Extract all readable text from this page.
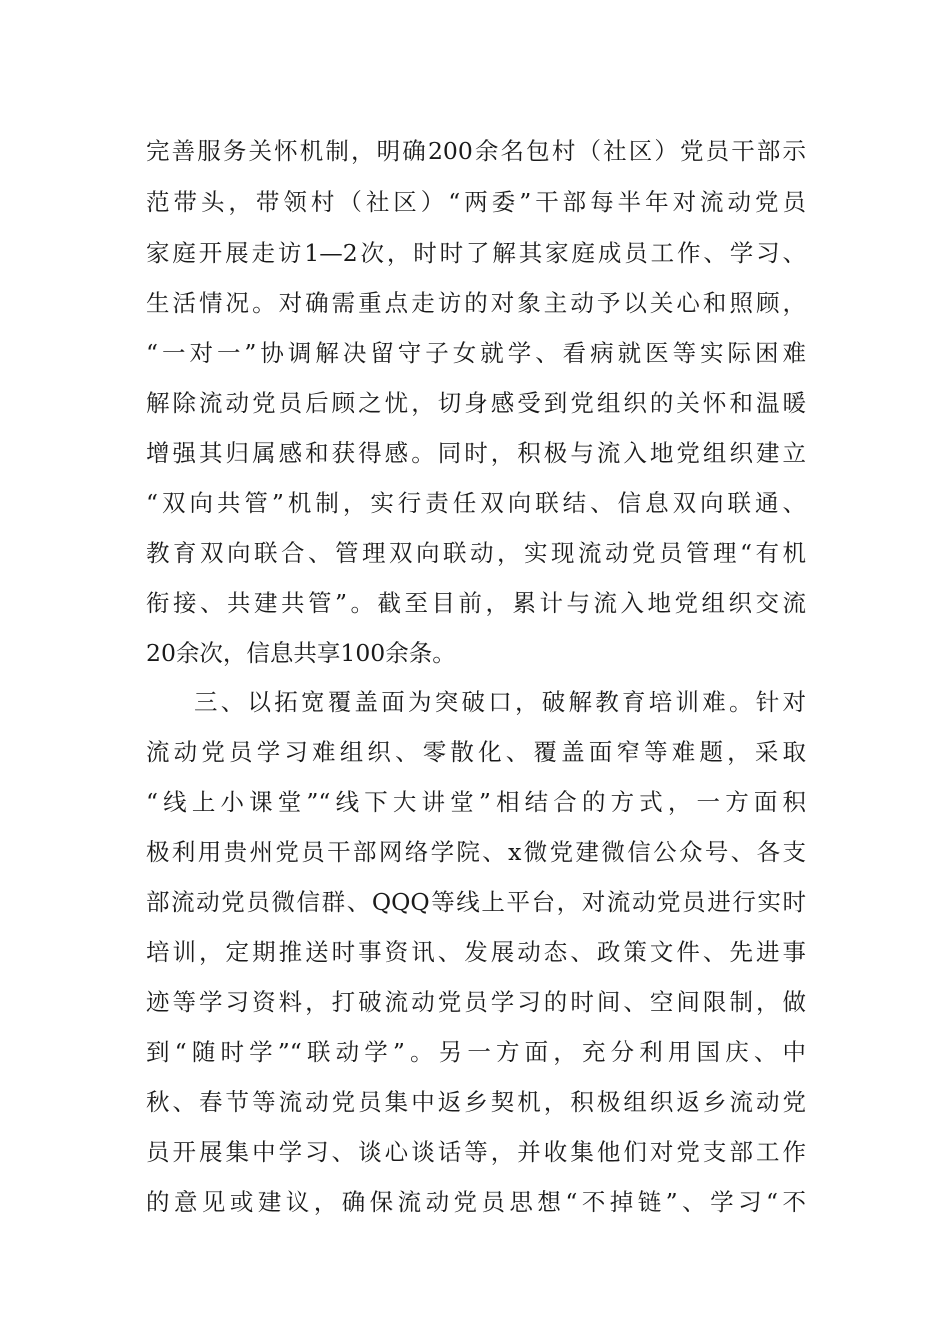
完善服务关怀机制，明确200余名包村（社区）党员干部示
范带头，带领村（社区）“两委”干部每半年对流动党员
家庭开展走访1—2次，时时了解其家庭成员工作、学习、
生活情况。对确需重点走访的对象主动予以关心和照顾，
“一对一”协调解决留守子女就学、看病就医等实际困难
解除流动党员后顾之忧，切身感受到党组织的关怀和温暖
增强其归属感和获得感。同时，积极与流入地党组织建立
“双向共管”机制，实行责任双向联结、信息双向联通、
教育双向联合、管理双向联动，实现流动党员管理“有机
衔接、共建共管”。截至目前，累计与流入地党组织交流
20余次，信息共享100余条。
三、以拓宽覆盖面为突破口，破解教育培训难。针对
流动党员学习难组织、零散化、覆盖面窄等难题，采取
“线上小课堂”“线下大讲堂”相结合的方式，一方面积
极利用贵州党员干部网络学院、x微党建微信公众号、各支
部流动党员微信群、QQQ等线上平台，对流动党员进行实时
培训，定期推送时事资讯、发展动态、政策文件、先进事
迹等学习资料，打破流动党员学习的时间、空间限制，做
到“随时学”“联动学”。另一方面，充分利用国庆、中
秋、春节等流动党员集中返乡契机，积极组织返乡流动党
员开展集中学习、谈心谈话等，并收集他们对党支部工作
的意见或建议，确保流动党员思想“不掉链”、学习“不
